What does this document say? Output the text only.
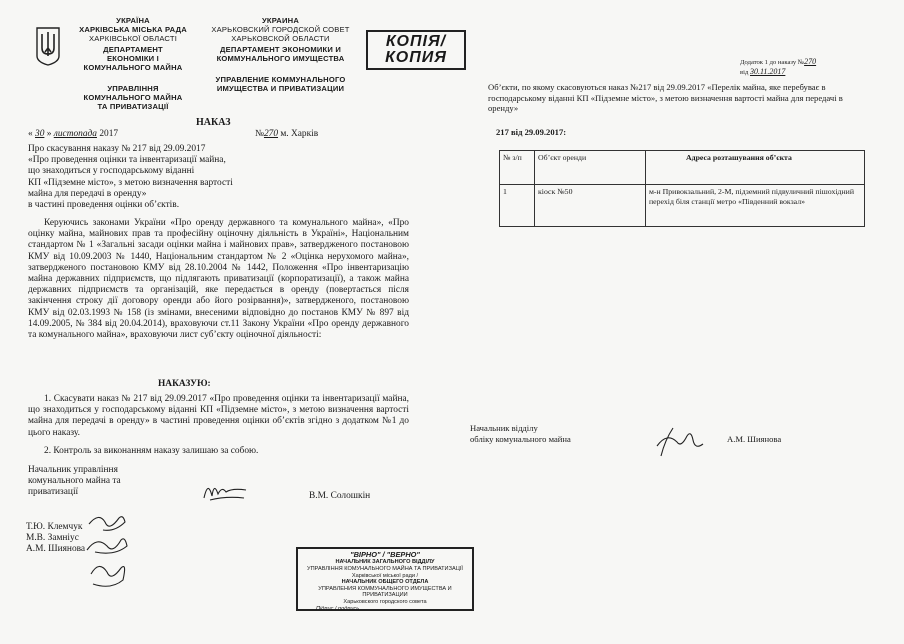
УКРАЇНА
ХАРКІВСЬКА МІСЬКА РАДА
ХАРКІВСЬКОЇ ОБЛАСТІ
ДЕПАРТАМЕНТ
ЕКОНОМІКИ І
КОМУНАЛЬНОГО МАЙНА
УПРАВЛІННЯ
КОМУНАЛЬНОГО МАЙНА
ТА ПРИВАТИЗАЦІЇ
УКРАИНА
ХАРЬКОВСКИЙ ГОРОДСКОЙ СОВЕТ
ХАРЬКОВСКОЙ ОБЛАСТИ
ДЕПАРТАМЕНТ ЭКОНОМИКИ И
КОММУНАЛЬНОГО ИМУЩЕСТВА
УПРАВЛЕНИЕ КОММУНАЛЬНОГО
ИМУЩЕСТВА И ПРИВАТИЗАЦИИ
КОПІЯ/
КОПИЯ
НАКАЗ
« 30 » листопада 2017	№270 м. Харків
Про скасування наказу № 217 від 29.09.2017
«Про проведення оцінки та інвентаризації майна,
що знаходиться у господарському віданні
КП «Підземне місто», з метою визначення вартості
майна для передачі в оренду»
в частині проведення оцінки об’єктів.
Керуючись законами України «Про оренду державного та комунального майна», «Про оцінку майна, майнових прав та професійну оціночну діяльність в Україні», Національним стандартом № 1 «Загальні засади оцінки майна і майнових прав», затвердженого постановою КМУ від 10.09.2003 № 1440, Національним стандартом № 2 «Оцінка нерухомого майна», затвердженого постановою КМУ від 28.10.2004 № 1442, Положення «Про інвентаризацію майна державних підприємств, що підлягають приватизації (корпоратизації), а також майна державних підприємств та організацій, яке передається в оренду (повертається після закінчення строку дії договору оренди або його розірвання)», затвердженого, постановою КМУ від 02.03.1993 № 158 (із змінами, внесеними відповідно до постанов КМУ № 897 від 14.09.2005, № 384 від 20.04.2014), враховуючи ст.11 Закону України «Про оренду державного та комунального майна», враховуючи лист суб’єкту оціночної діяльності:
НАКАЗУЮ:
1. Скасувати наказ № 217 від 29.09.2017 «Про проведення оцінки та інвентаризації майна, що знаходиться у господарському віданні КП «Підземне місто», з метою визначення вартості майна для передачі в оренду» в частині проведення оцінки об’єктів згідно з додатком №1 до цього наказу.
2. Контроль за виконанням наказу залишаю за собою.
Начальник управління
комунального майна та
приватизації	В.М. Солошкін
Т.Ю. Клемчук
М.В. Замнiус
А.М. Шиянова
"ВІРНО" / "ВЕРНО"
НАЧАЛЬНИК ЗАГАЛЬНОГО ВІДДІЛУ
УПРАВЛІННЯ КОМУНАЛЬНОГО МАЙНА ТА ПРИВАТИЗАЦІЇ
Харківської міської ради /
НАЧАЛЬНИК ОБЩЕГО ОТДЕЛА
УПРАВЛЕНИЯ КОММУНАЛЬНОГО ИМУЩЕСТВА И ПРИВАТИЗАЦИИ
Харьковского городского совета
Підпис / подпись
Додаток 1 до наказу №270
від 30.11.2017
Об’єкти, по якому скасовуються наказ №217 від 29.09.2017 «Перелік майна, яке перебуває в господарському віданні КП «Підземне місто», з метою визначення вартості майна для передачі в оренду»
217 від 29.09.2017:
№ з/п	Об’єкт оренди	Адреса розташування об’єкта
1	кіоск №50	м-н Привокзальний, 2-М, підземний підвуличний пішохідний перехід біля станції метро «Південний вокзал»
Начальник відділу
обліку комунального майна	А.М. Шиянова
